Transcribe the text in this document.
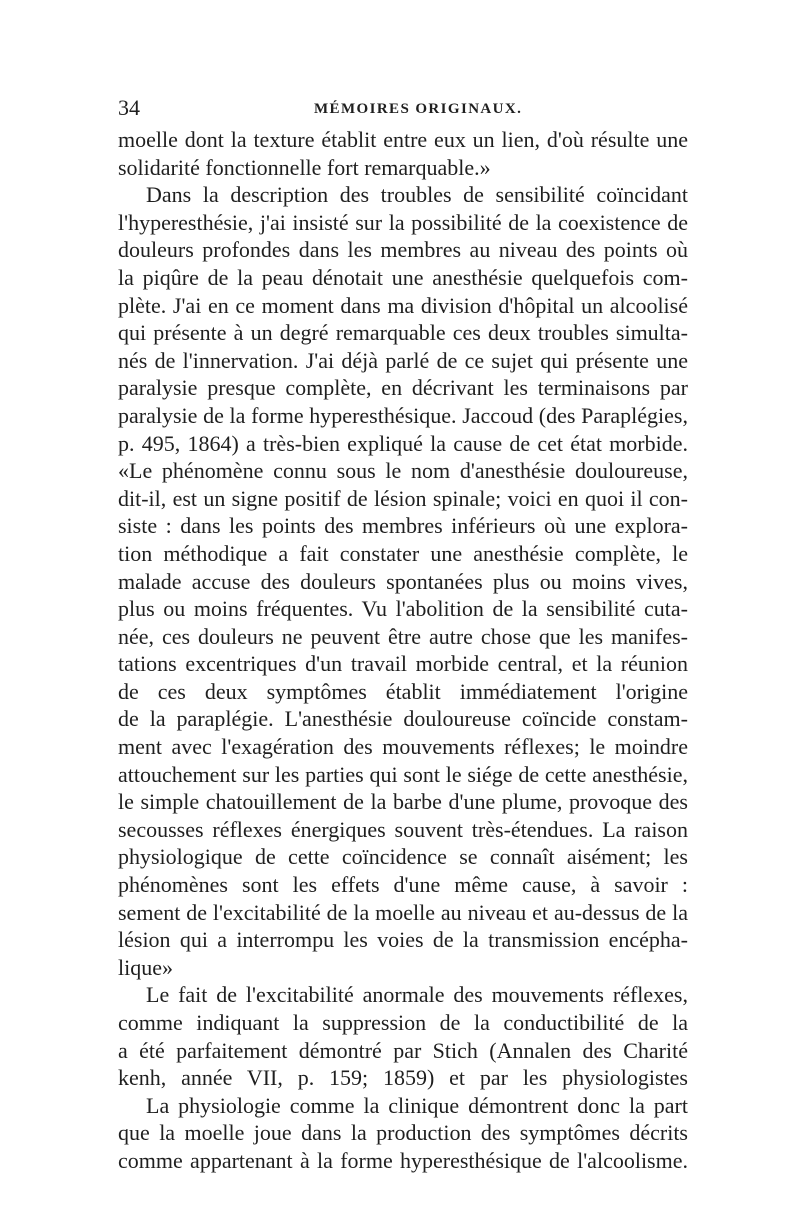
34	MÉMOIRES ORIGINAUX.
moelle dont la texture établit entre eux un lien, d'où résulte une
solidarité fonctionnelle fort remarquable.»
Dans la description des troubles de sensibilité coïncidant
l'hyperesthésie, j'ai insisté sur la possibilité de la coexistence de
douleurs profondes dans les membres au niveau des points où
la piqûre de la peau dénotait une anesthésie quelquefois com-
plète. J'ai en ce moment dans ma division d'hôpital un alcoolisé
qui présente à un degré remarquable ces deux troubles simulta-
nés de l'innervation. J'ai déjà parlé de ce sujet qui présente une
paralysie presque complète, en décrivant les terminaisons par
paralysie de la forme hyperesthésique. Jaccoud (des Paraplégies,
p. 495, 1864) a très-bien expliqué la cause de cet état morbide.
«Le phénomène connu sous le nom d'anesthésie douloureuse,
dit-il, est un signe positif de lésion spinale; voici en quoi il con-
siste : dans les points des membres inférieurs où une explora-
tion méthodique a fait constater une anesthésie complète, le
malade accuse des douleurs spontanées plus ou moins vives,
plus ou moins fréquentes. Vu l'abolition de la sensibilité cuta-
née, ces douleurs ne peuvent être autre chose que les manifes-
tations excentriques d'un travail morbide central, et la réunion
de ces deux symptômes établit immédiatement l'origine
de la paraplégie. L'anesthésie douloureuse coïncide constam-
ment avec l'exagération des mouvements réflexes; le moindre
attouchement sur les parties qui sont le siége de cette anesthésie,
le simple chatouillement de la barbe d'une plume, provoque des
secousses réflexes énergiques souvent très-étendues. La raison
physiologique de cette coïncidence se connaît aisément; les
phénomènes sont les effets d'une même cause, à savoir :
sement de l'excitabilité de la moelle au niveau et au-dessus de la
lésion qui a interrompu les voies de la transmission encépha-
lique»
Le fait de l'excitabilité anormale des mouvements réflexes,
comme indiquant la suppression de la conductibilité de la
a été parfaitement démontré par Stich (Annalen des Charité
kenh, année VII, p. 159; 1859) et par les physiologistes
La physiologie comme la clinique démontrent donc la part
que la moelle joue dans la production des symptômes décrits
comme appartenant à la forme hyperesthésique de l'alcoolisme.
